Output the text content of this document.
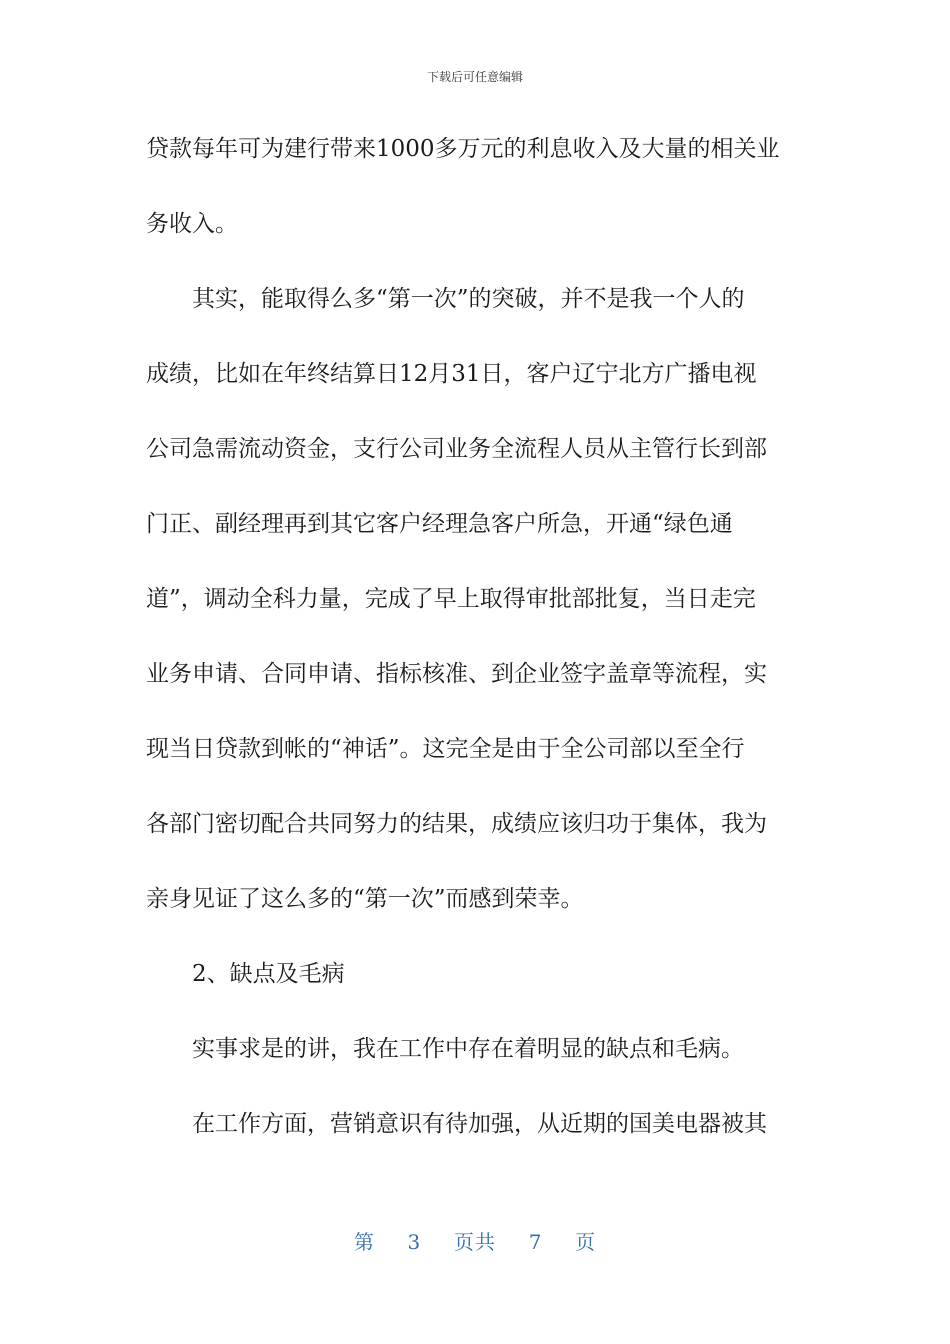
下载后可任意编辑
贷款每年可为建行带来1000多万元的利息收入及大量的相关业
务收入。
其实，能取得么多“第一次”的突破，并不是我一个人的
成绩，比如在年终结算日12月31日，客户辽宁北方广播电视
公司急需流动资金，支行公司业务全流程人员从主管行长到部
门正、副经理再到其它客户经理急客户所急，开通“绿色通
道”，调动全科力量，完成了早上取得审批部批复，当日走完
业务申请、合同申请、指标核准、到企业签字盖章等流程，实
现当日贷款到帐的“神话”。这完全是由于全公司部以至全行
各部门密切配合共同努力的结果，成绩应该归功于集体，我为
亲身见证了这么多的“第一次”而感到荣幸。
2、缺点及毛病
实事求是的讲，我在工作中存在着明显的缺点和毛病。
在工作方面，营销意识有待加强，从近期的国美电器被其
第 3 页共 7 页
